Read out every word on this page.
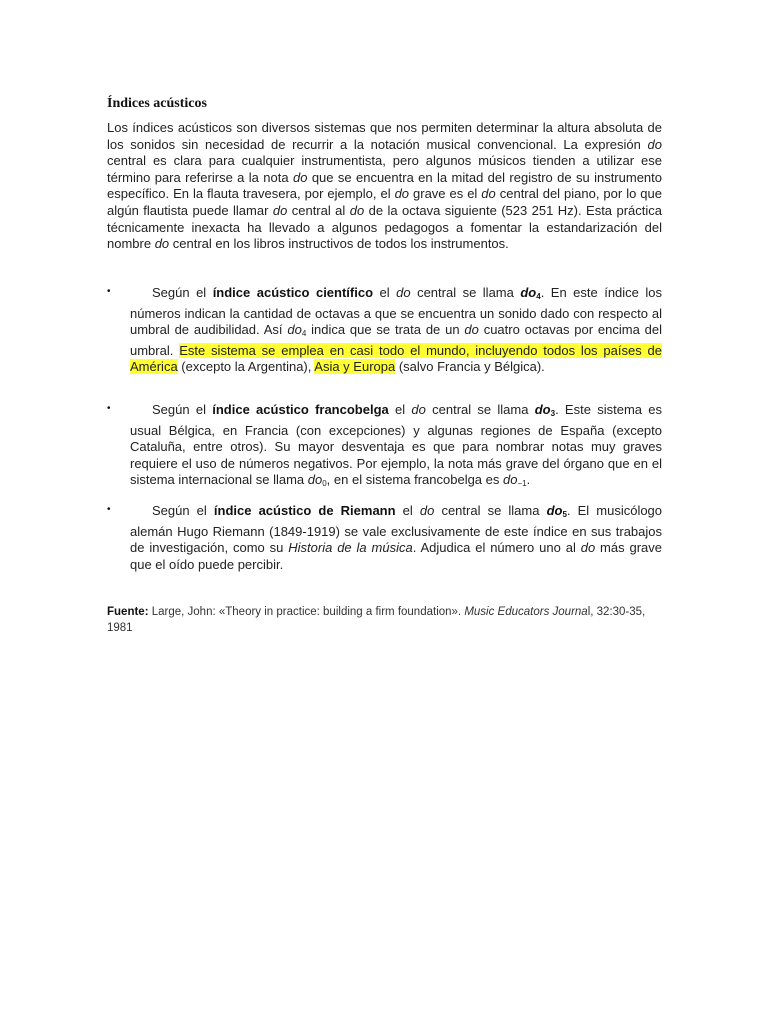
Índices acústicos

Los índices acústicos son diversos sistemas que nos permiten determinar la altura absoluta de los sonidos sin necesidad de recurrir a la notación musical convencional. La expresión do central es clara para cualquier instrumentista, pero algunos músicos tienden a utilizar ese término para referirse a la nota do que se encuentra en la mitad del registro de su instrumento específico. En la flauta travesera, por ejemplo, el do grave es el do central del piano, por lo que algún flautista puede llamar do central al do de la octava siguiente (523 251 Hz). Esta práctica técnicamente inexacta ha llevado a algunos pedagogos a fomentar la estandarización del nombre do central en los libros instructivos de todos los instrumentos.

•	Según el índice acústico científico el do central se llama $do_4$. En este índice los números indican la cantidad de octavas a que se encuentra un sonido dado con respecto al umbral de audibilidad. Así $do_4$ indica que se trata de un do cuatro octavas por encima del umbral. Este sistema se emplea en casi todo el mundo, incluyendo todos los países de América (excepto la Argentina), Asia y Europa (salvo Francia y Bélgica).

•	Según el índice acústico francobelga el do central se llama $do_3$. Este sistema es usual Bélgica, en Francia (con excepciones) y algunas regiones de España (excepto Cataluña, entre otros). Su mayor desventaja es que para nombrar notas muy graves requiere el uso de números negativos. Por ejemplo, la nota más grave del órgano que en el sistema internacional se llama $do_0$, en el sistema francobelga es $do_{-1}$.

•	Según el índice acústico de Riemann el do central se llama $do_5$. El musicólogo alemán Hugo Riemann (1849-1919) se vale exclusivamente de este índice en sus trabajos de investigación, como su Historia de la música. Adjudica el número uno al do más grave que el oído puede percibir.

Fuente: Large, John: «Theory in practice: building a firm foundation». Music Educators Journal, 32:30-35, 1981
